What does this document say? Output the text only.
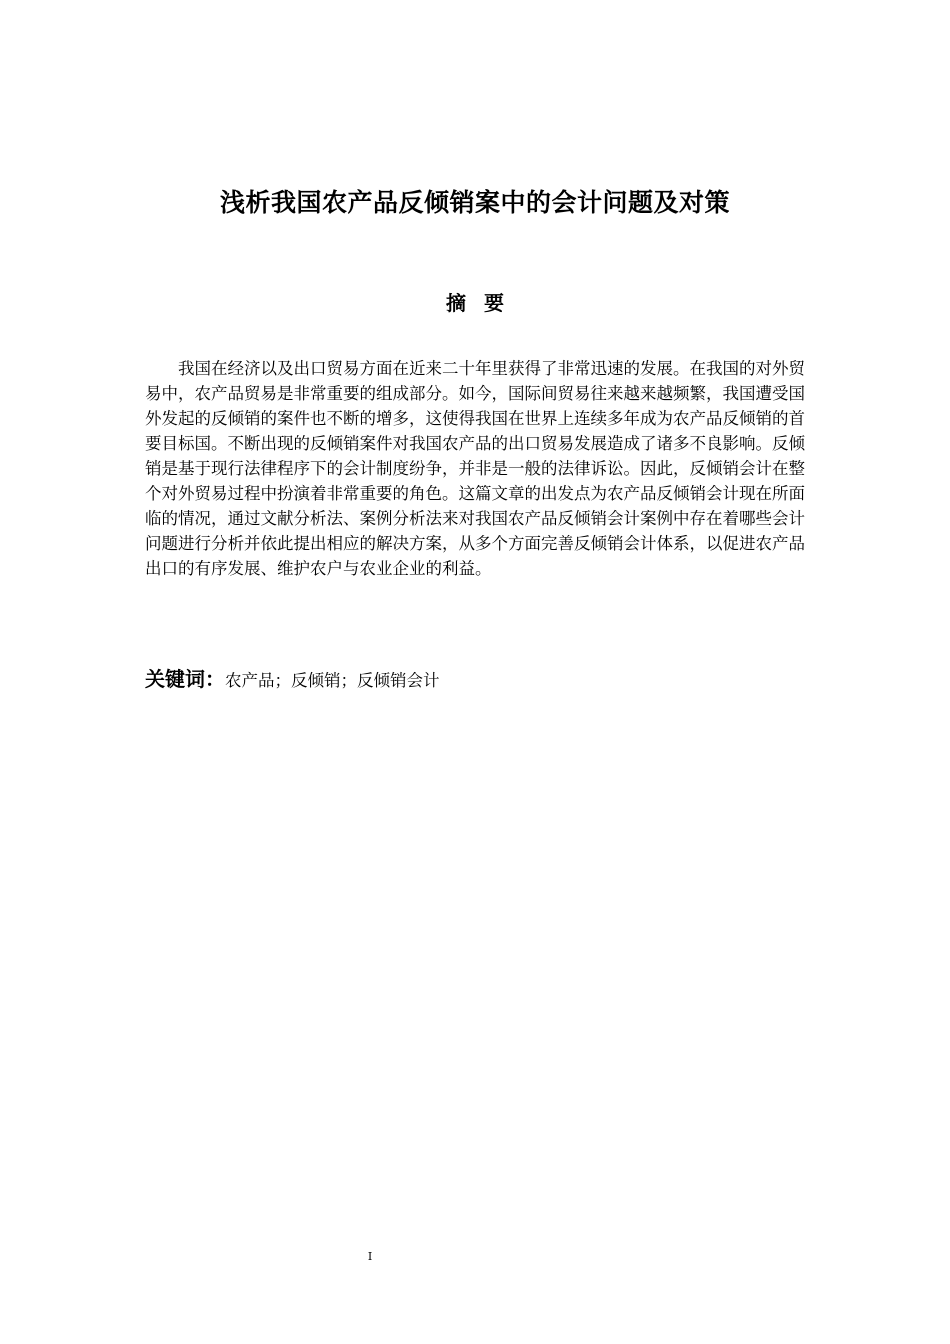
浅析我国农产品反倾销案中的会计问题及对策
摘要

我国在经济以及出口贸易方面在近来二十年里获得了非常迅速的发展。在我国的对外贸易中，农产品贸易是非常重要的组成部分。如今，国际间贸易往来越来越频繁，我国遭受国外发起的反倾销的案件也不断的增多，这使得我国在世界上连续多年成为农产品反倾销的首要目标国。不断出现的反倾销案件对我国农产品的出口贸易发展造成了诸多不良影响。反倾销是基于现行法律程序下的会计制度纷争，并非是一般的法律诉讼。因此，反倾销会计在整个对外贸易过程中扮演着非常重要的角色。这篇文章的出发点为农产品反倾销会计现在所面临的情况，通过文献分析法、案例分析法来对我国农产品反倾销会计案例中存在着哪些会计问题进行分析并依此提出相应的解决方案，从多个方面完善反倾销会计体系，以促进农产品出口的有序发展、维护农户与农业企业的利益。

关键词：农产品；反倾销；反倾销会计
I
